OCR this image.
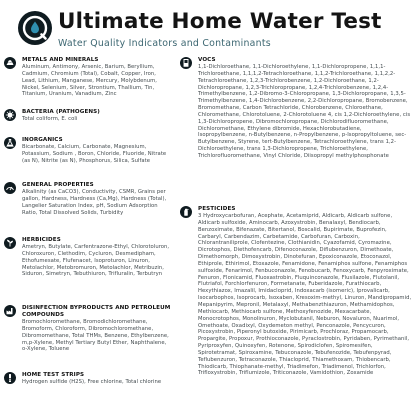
Ultimate Home Water Test
Water Quality Indicators and Contaminants
METALS AND MINERALS
Aluminum, Antimony, Arsenic, Barium, Beryllium, Cadmium, Chromium (Total), Cobalt, Copper, Iron, Lead, Lithium, Manganese, Mercury, Molybdenum, Nickel, Selenium, Silver, Strontium, Thallium, Tin, Titanium, Uranium, Vanadium, Zinc
BACTERIA (PATHOGENS)
Total coliform, E. coli
INORGANICS
Bicarbonate, Calcium, Carbonate, Magnesium, Potassium, Sodium , Boron, Chloride, Fluoride, Nitrate (as N), Nitrite (as N), Phosphorus, Silica, Sulfate
GENERAL PROPERTIES
Alkalinity (as CaCO3), Conductivity, CSMR, Grains per gallon, Hardness, Hardness (Ca,Mg), Hardness (Total), Langelier Saturation Index, pH, Sodium Adsorption Ratio, Total Dissolved Solids, Turbidity
HERBICIDES
Ametryn, Butylate, Carfentrazone-Ethyl, Chlorotoluron, Chloroxuron, Clethodim, Cycluron, Desmedipham, Ethofumesate, Flufenacet, Isoproturon, Linuron, Metolachlor, Metobromuron, Metolachlor, Metribuzin, Siduron, Simetryn, Tebuthiuron, Trifluralin, Terbutryn
DISINFECTION BYPRODUCTS AND PETROLEUM COMPOUNDS
Bromochloromethane, Bromodichloromethane, Bromoform, Chloroform, Dibromochloromethane, Dibromomethane, Total THMs, Benzene, Ethylbenzene, m,p-Xylene, Methyl Tertiary Butyl Ether, Naphthalene, o-Xylene, Toluene
HOME TEST STRIPS
Hydrogen sulfide (H2S), Free chlorine, Total chlorine
VOCS
1,1-Dichloroethane, 1,1-Dichloroethylene, 1,1-Dichloropropene, 1,1,1-Trichloroethane, 1,1,1,2-Tetrachloroethane, 1,1,2-Trichloroethane, 1,1,2,2-Tetrachloroethane, 1,2,3-Trichlorobenzene, 1,2-Dichloroethane, 1,2-Dichloropropane, 1,2,3-Trichloropropane, 1,2,4-Trichlorobenzene, 1,2,4-Trimethylbenzene, 1,2-Dibromo-3-Chloropropane, 1,3-Dichloropropane, 1,3,5-Trimethylbenzene, 1,4-Dichlorobenzene, 2,2-Dichloropropane, Bromobenzene, Bromomethane, Carbon Tetrachloride, Chlorobenzene, Chloroethane, Chloromethane, Chlorotoluene, 2-Chlorotoluene 4, cis 1,2-Dichloroethylene, cis 1,3-Dichloropropene, Dibromochloropropane, Dichlorodifluoromethane, Dichloromethane, Ethylene dibromide, Hexachlorobutadiene, Isopropylbenzene, n-Butylbenzene, n-Propylbenzene, p-Isopropyltoluene, sec-Butylbenzene, Styrene, tert-Butylbenzene, Tetrachloroethylene, trans 1,2-Dichloroethylene, trans 1,3-Dichloropropene, Trichloroethylene, Trichlorofluoromethane, Vinyl Chloride, Diisopropyl methylphosphonate
PESTICIDES
3 Hydroxycarbofuran, Acephate, Acetamiprid, Aldicarb, Aldicarb sulfone, Aldicarb sulfoxide, Aminocarb, Azoxystrobin, Benalaxyl, Bendiocarb, Benzoximate, Bifenazate, Bitertanol, Boscalid, Bupirimate, Buprofezin, Carbaryl, Carbendazim, Carbetamide, Carbofuran, Carboxin, Chlorantraniliprole, Clofentezine, Clothianidin, Cyazofamid, Cyromazine, Dicrotophos, Diethofencarb, Difenoconazole, Diflubenzuron, Dimethoate, Dimethomorph, Dimoxystrobin, Dinotefuran, Epoxiconazole, Etoconazol, Ethiprole, Ethirimol, Etoxazole, Fenamidone, Fenamiphos sulfone, Fenamiphos sulfoxide, Fenarimol, Fenbuconazole, Fenobucarb, Fenoxycarb, Fenpyroximate, Fenuron, Flonicamid, Fluoxastrobin, Fluquinconazole, Flusilazole, Flutolanil, Flutriafol, Forchlorfenuron, Formetanate, Fuberidazole, Furathiocarb, Hexythiazox, Imazalil, Imidacloprid, Indoxacarb (isomeric), Iprovalicarb, Isocarbophos, Isoprocarb, Isoxaben, Kresoxim-methyl, Linuron, Mandipropamid, Mepanipyrim, Mepronil, Metalaxyl, Methabenzthiazuron, Methamidophos, Methiocarb, Methiocarb sulfone, Methoxyfenozide, Mexacarbate, Monocrotophos, Monolinuron, Myclobutanil, Neburon, Novaluron, Nuarimol, Omethoate, Oxadixyl, Oxydemeton methyl, Penconazole, Pencycuron, Picoxystrobin, Piperonyl butoxide, Pirimicarb, Prochloraz, Propamocarb, Propargite, Propoxur, Prothioconazole, Pyraclostrobin, Pyridaben, Pyrimethanil, Pyriproxyfen, Quinoxyfen, Rotenone, Spirodiclofen, Spiromesifen, Spirotetramat, Spiroxamine, Tebuconazole, Tebufenozide, Tebufenpyrad, Teflubenzuron, Tetraconazole, Thiacloprid, Thiamethoxam, Thiobencarb, Thiodicarb, Thiophanate-methyl, Triadimefon, Triadimenol, Trichlorfon, Trifloxystrobin, Triflumizole, Triticonazole, Vamidothion, Zoxamide
